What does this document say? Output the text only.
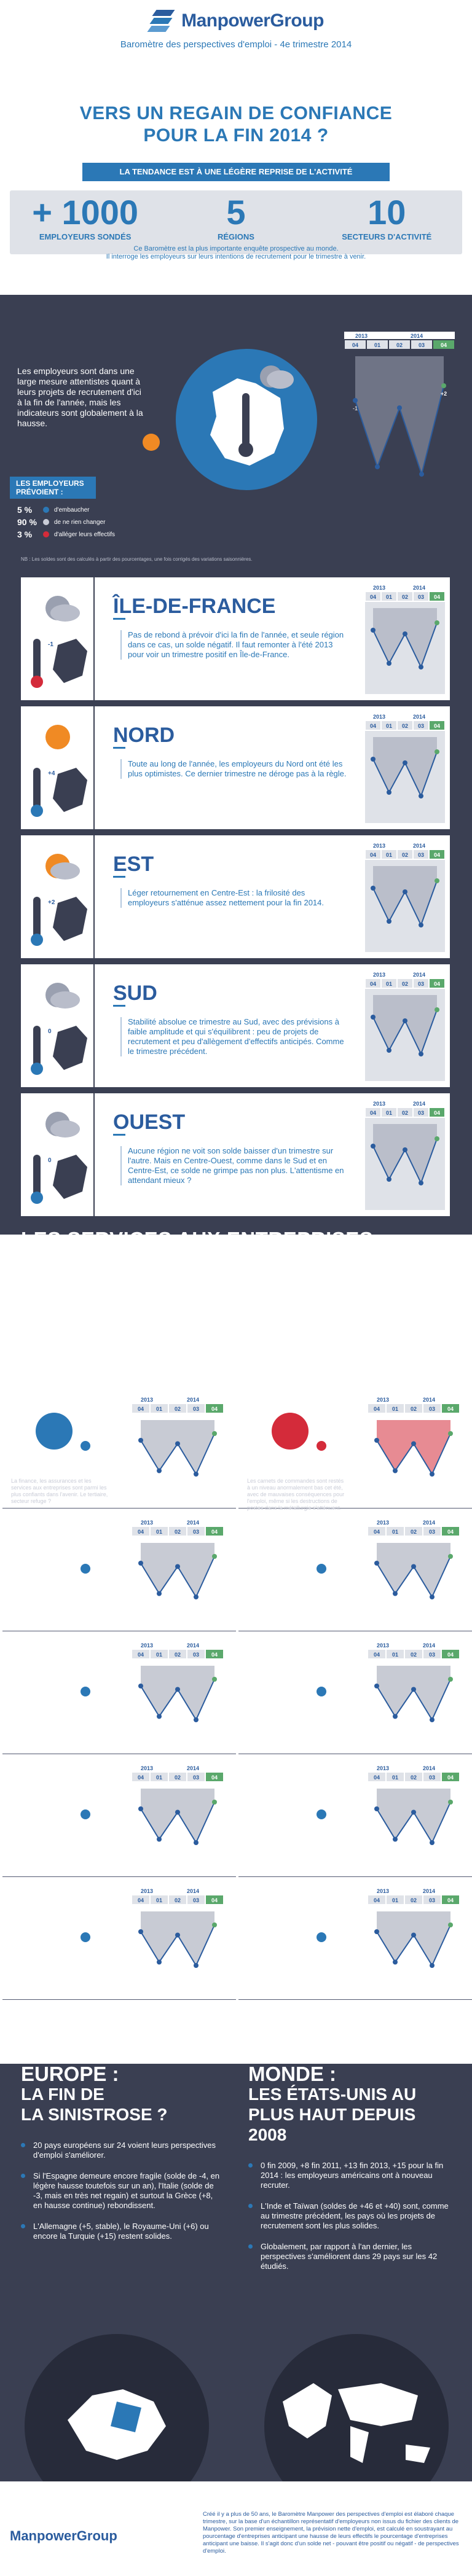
ManpowerGroup
Baromètre des perspectives d'emploi - 4e trimestre 2014
VERS UN REGAIN DE CONFIANCE
POUR LA FIN 2014 ?
LA TENDANCE EST À UNE LÉGÈRE REPRISE DE L'ACTIVITÉ
+ 1000
EMPLOYEURS SONDÉS
5
RÉGIONS
10
SECTEURS D'ACTIVITÉ
Ce Baromètre est la plus importante enquête prospective au monde.
Il interroge les employeurs sur leurs intentions de recrutement pour le trimestre à venir.
Les employeurs sont dans une large mesure attentistes quant à leurs projets de recrutement d'ici à la fin de l'année, mais les indicateurs sont globalement à la hausse.
LES EMPLOYEURS PRÉVOIENT :
5 %	d'embaucher
90 %	de ne rien changer
3 %	d'alléger leurs effectifs
NB : Les soldes sont des calculés à partir des pourcentages, une fois corrigés des variations saisonnières.
2013	2014
04	01	02	03	04
+2
-1
ÎLE-DE-FRANCE
Pas de rebond à prévoir d'ici la fin de l'année, et seule région dans ce cas, un solde négatif. Il faut remonter à l'été 2013 pour voir un trimestre positif en Île-de-France.
-1
2013	2014
04 01 02 03 04
NORD
Toute au long de l'année, les employeurs du Nord ont été les plus optimistes. Ce dernier trimestre ne déroge pas à la règle.
+4
2013	2014
04 01 02 03 04
EST
Léger retournement en Centre-Est : la frilosité des employeurs s'atténue assez nettement pour la fin 2014.
+2
2013	2014
04 01 02 03 04
SUD
Stabilité absolue ce trimestre au Sud, avec des prévisions à faible amplitude et qui s'équilibrent : peu de projets de recrutement et peu d'allègement d'effectifs anticipés. Comme le trimestre précédent.
0
2013	2014
04 01 02 03 04
OUEST
Aucune région ne voit son solde baisser d'un trimestre sur l'autre. Mais en Centre-Ouest, comme dans le Sud et en Centre-Est, ce solde ne grimpe pas non plus. L'attentisme en attendant mieux ?
0
2013	2014
04 01 02 03 04
LES SERVICES AUX ENTREPRISES
TOUJOURS DANS LE VERT
Six des dix secteurs étudiés voient leur solde s'améliorer pour la fin de l'année. Un signe positif malgré le yo-yo observé dans le transport et la logistique par exemple. Les employeurs des services aux entreprises restent parmi les plus optimistes, comme ceux de la production et distribution d'énergie, secteur qui opère un retournement impressionnant sur l'année. L'industrie, elle, est stable – mais à niveau très bas.
+7
ACTIVITÉS FINANCIÈRES, DE L'IMMOBILIER ET DES SERVICES
La finance, les assurances et les services aux entreprises sont parmi les plus confiants dans l'avenir. Le tertiaire, secteur refuge ?
2013	2014
04 01 02 03 04	-3
INDUSTRIE MANUFACTURIÈRE
Les carnets de commandes sont restés à un niveau anormalement bas cet été, avec de mauvaises conséquences pour l'emploi, même si les destructions de postes dans la métallurgie s'atténuent.
2013	2014
04 01 02 03 04
0
TRANSPORT ET LOGISTIQUE
2013	2014
04 01 02 03 04	+6
DISTRIBUTION D'ÉLECTRICITÉ, DE GAZ ET D'EAU
2013	2014
04 01 02 03 04
+1
AGRICULTURE, CHASSE ET PÊCHE
2013	2014
04 01 02 03 04	+4
INDUSTRIES EXTRACTIVES
2013	2014
04 01 02 03 04
-1
SERVICES PUBLICS
2013	2014
04 01 02 03 04	-2
HÔTELLERIE ET RESTAURATION
2013	2014
04 01 02 03 04
-1
COMMERCE
2013	2014
04 01 02 03 04	-4
CONSTRUCTION
2013	2014
04 01 02 03 04
EUROPE :
LA FIN DE
LA SINISTROSE ?
20 pays européens sur 24 voient leurs perspectives d'emploi s'améliorer.
Si l'Espagne demeure encore fragile (solde de -4, en légère hausse toutefois sur un an), l'Italie (solde de -3, mais en très net regain) et surtout la Grèce (+8, en hausse continue) rebondissent.
L'Allemagne (+5, stable), le Royaume-Uni (+6) ou encore la Turquie (+15) restent solides.
MONDE :
LES ÉTATS-UNIS AU
PLUS HAUT DEPUIS 2008
0 fin 2009, +8 fin 2011, +13 fin 2013, +15 pour la fin 2014 : les employeurs américains ont à nouveau recruter.
L'Inde et Taïwan (soldes de +46 et +40) sont, comme au trimestre précédent, les pays où les projets de recrutement sont les plus solides.
Globalement, par rapport à l'an dernier, les perspectives s'améliorent dans 29 pays sur les 42 étudiés.
ManpowerGroup
Créé il y a plus de 50 ans, le Baromètre Manpower des perspectives d'emploi est élaboré chaque trimestre, sur la base d'un échantillon représentatif d'employeurs non issus du fichier des clients de Manpower. Son premier enseignement, la prévision nette d'emploi, est calculé en soustrayant au pourcentage d'entreprises anticipant une hausse de leurs effectifs le pourcentage d'entreprises anticipant une baisse. Il s'agit donc d'un solde net - pouvant être positif ou négatif - de perspectives d'emploi.
